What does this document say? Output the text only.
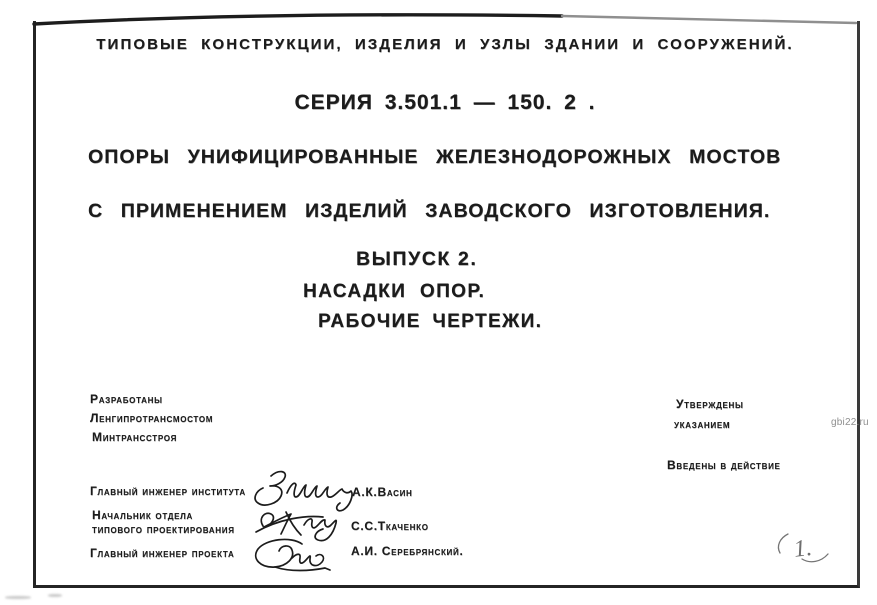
ТИПОВЫЕ КОНСТРУКЦИИ, ИЗДЕЛИЯ И УЗЛЫ ЗДАНИИ И СООРУЖЕНИЙ.
СЕРИЯ 3.501.1 — 150. 2 .
ОПОРЫ УНИФИЦИРОВАННЫЕ ЖЕЛЕЗНОДОРОЖНЫХ МОСТОВ
С ПРИМЕНЕНИЕМ ИЗДЕЛИЙ ЗАВОДСКОГО ИЗГОТОВЛЕНИЯ.
ВЫПУСК 2.
НАСАДКИ ОПОР.
РАБОЧИЕ ЧЕРТЕЖИ.
Разработаны
Ленгипротрансмостом
Минтрансстроя
Утверждены
указанием
Введены в действие
Главный инженер института	А.К.Васин
Начальник отдела
типового проектирования	С.С.Ткаченко
Главный инженер проекта	А.И. Серебрянский.	1.
gbi22.ru
